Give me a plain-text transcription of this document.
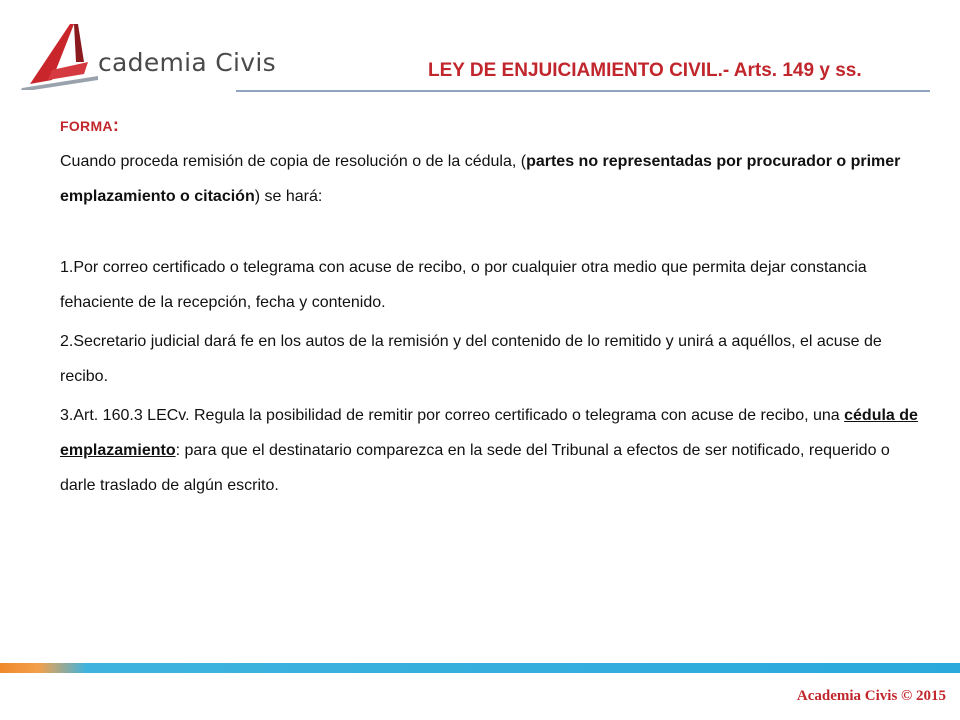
cademia Civis	LEY DE ENJUICIAMIENTO CIVIL.- Arts. 149 y ss.

FORMA:

Cuando proceda remisión de copia de resolución o de la cédula, (partes no representadas por procurador o primer emplazamiento o citación) se hará:

1.Por correo certificado o telegrama con acuse de recibo, o por cualquier otra medio que permita dejar constancia fehaciente de la recepción, fecha y contenido.

2.Secretario judicial dará fe en los autos de la remisión y del contenido de lo remitido y unirá a aquéllos, el acuse de recibo.

3.Art. 160.3 LECv. Regula la posibilidad de remitir por correo certificado o telegrama con acuse de recibo, una cédula de emplazamiento: para que el destinatario comparezca en la sede del Tribunal a efectos de ser notificado, requerido o darle traslado de algún escrito.

Academia Civis © 2015
